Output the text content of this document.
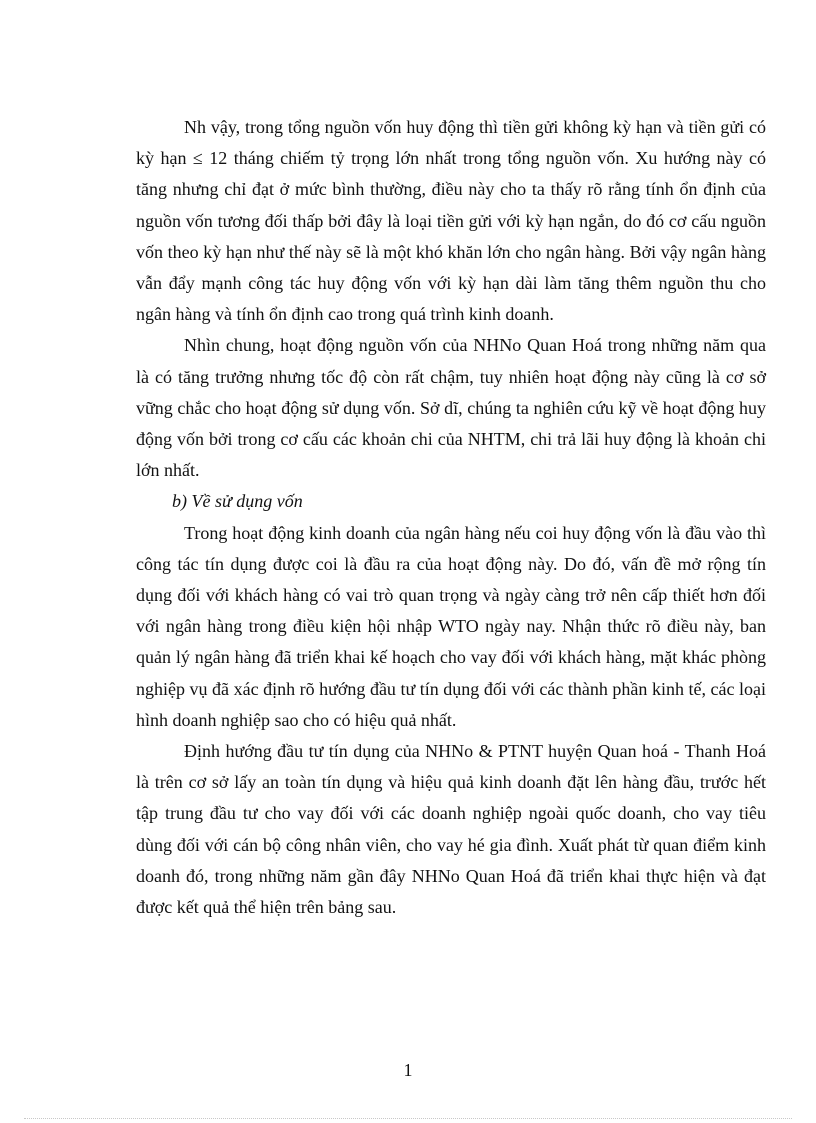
Nh vậy, trong tổng nguồn vốn huy động thì tiền gửi không kỳ hạn và tiền gửi có kỳ hạn ≤ 12 tháng chiếm tỷ trọng lớn nhất trong tổng nguồn vốn. Xu hướng này có tăng nhưng chỉ đạt ở mức bình thường, điều này cho ta thấy rõ rằng tính ổn định của nguồn vốn tương đối thấp bởi đây là loại tiền gửi với kỳ hạn ngắn, do đó cơ cấu nguồn vốn theo kỳ hạn như thế này sẽ là một khó khăn lớn cho ngân hàng. Bởi vậy ngân hàng vẫn đẩy mạnh công tác huy động vốn với kỳ hạn dài làm tăng thêm nguồn thu cho ngân hàng và tính ổn định cao trong quá trình kinh doanh.

Nhìn chung, hoạt động nguồn vốn của NHNo Quan Hoá trong những năm qua là có tăng trưởng nhưng tốc độ còn rất chậm, tuy nhiên hoạt động này cũng là cơ sở vững chắc cho hoạt động sử dụng vốn. Sở dĩ, chúng ta nghiên cứu kỹ về hoạt động huy động vốn bởi trong cơ cấu các khoản chi của NHTM, chi trả lãi huy động là khoản chi lớn nhất.

b) Về sử dụng vốn

Trong hoạt động kinh doanh của ngân hàng nếu coi huy động vốn là đầu vào thì công tác tín dụng được coi là đầu ra của hoạt động này. Do đó, vấn đề mở rộng tín dụng đối với khách hàng có vai trò quan trọng và ngày càng trở nên cấp thiết hơn đối với ngân hàng trong điều kiện hội nhập WTO ngày nay. Nhận thức rõ điều này, ban quản lý ngân hàng đã triển khai kế hoạch cho vay đối với khách hàng, mặt khác phòng nghiệp vụ đã xác định rõ hướng đầu tư tín dụng đối với các thành phần kinh tế, các loại hình doanh nghiệp sao cho có hiệu quả nhất.

Định hướng đầu tư tín dụng của NHNo & PTNT huyện Quan hoá - Thanh Hoá là trên cơ sở lấy an toàn tín dụng và hiệu quả kinh doanh đặt lên hàng đầu, trước hết tập trung đầu tư cho vay đối với các doanh nghiệp ngoài quốc doanh, cho vay tiêu dùng đối với cán bộ công nhân viên, cho vay hé gia đình. Xuất phát từ quan điểm kinh doanh đó, trong những năm gần đây NHNo Quan Hoá đã triển khai thực hiện và đạt được kết quả thể hiện trên bảng sau.

1
